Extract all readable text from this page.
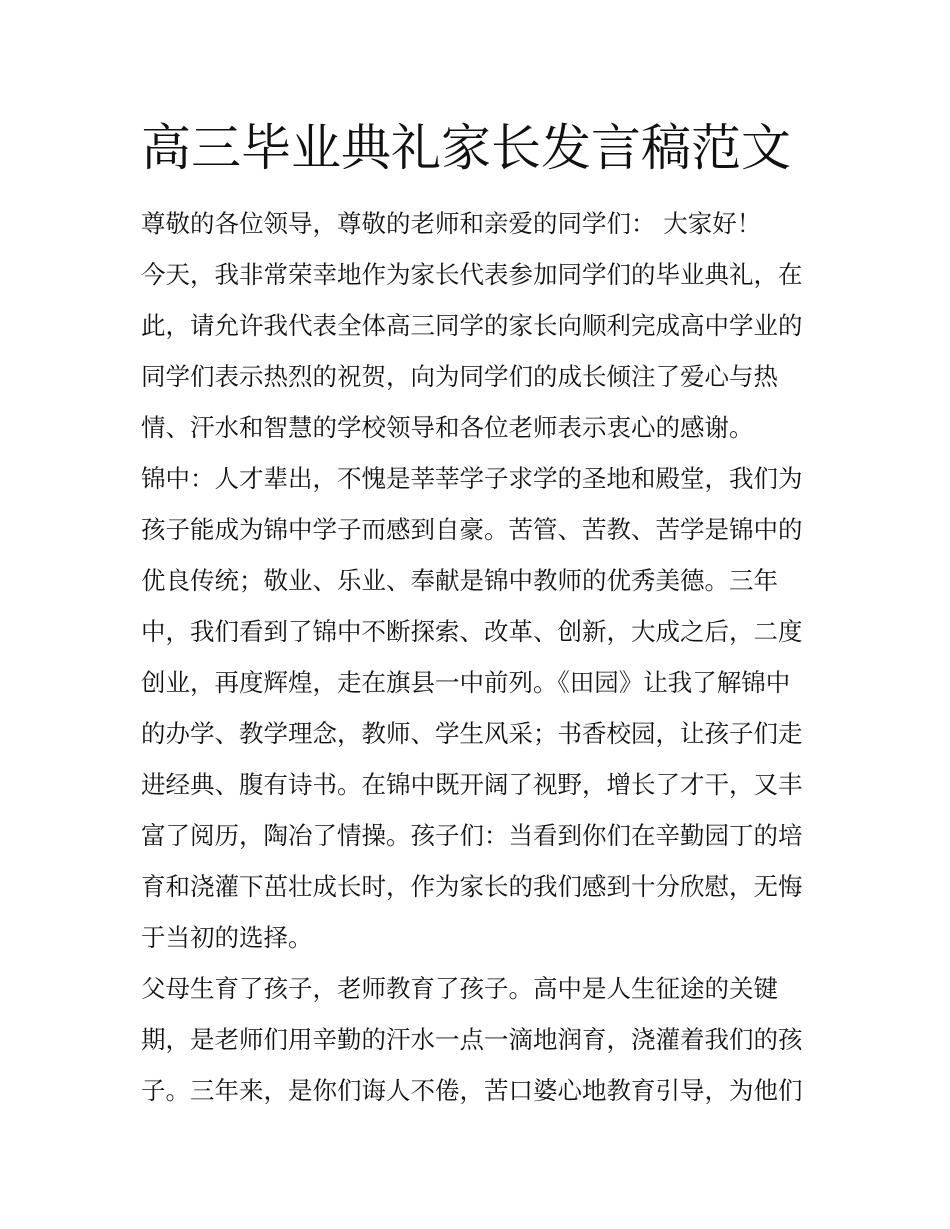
高三毕业典礼家长发言稿范文

尊敬的各位领导，尊敬的老师和亲爱的同学们： 大家好！

今天，我非常荣幸地作为家长代表参加同学们的毕业典礼，在
此，请允许我代表全体高三同学的家长向顺利完成高中学业的
同学们表示热烈的祝贺，向为同学们的成长倾注了爱心与热
情、汗水和智慧的学校领导和各位老师表示衷心的感谢。

锦中：人才辈出，不愧是莘莘学子求学的圣地和殿堂，我们为
孩子能成为锦中学子而感到自豪。苦管、苦教、苦学是锦中的
优良传统；敬业、乐业、奉献是锦中教师的优秀美德。三年
中，我们看到了锦中不断探索、改革、创新，大成之后，二度
创业，再度辉煌，走在旗县一中前列。《田园》让我了解锦中
的办学、教学理念，教师、学生风采；书香校园，让孩子们走
进经典、腹有诗书。在锦中既开阔了视野，增长了才干，又丰
富了阅历，陶冶了情操。孩子们：当看到你们在辛勤园丁的培
育和浇灌下茁壮成长时，作为家长的我们感到十分欣慰，无悔
于当初的选择。

父母生育了孩子，老师教育了孩子。高中是人生征途的关键
期，是老师们用辛勤的汗水一点一滴地润育，浇灌着我们的孩
子。三年来，是你们诲人不倦，苦口婆心地教育引导，为他们
